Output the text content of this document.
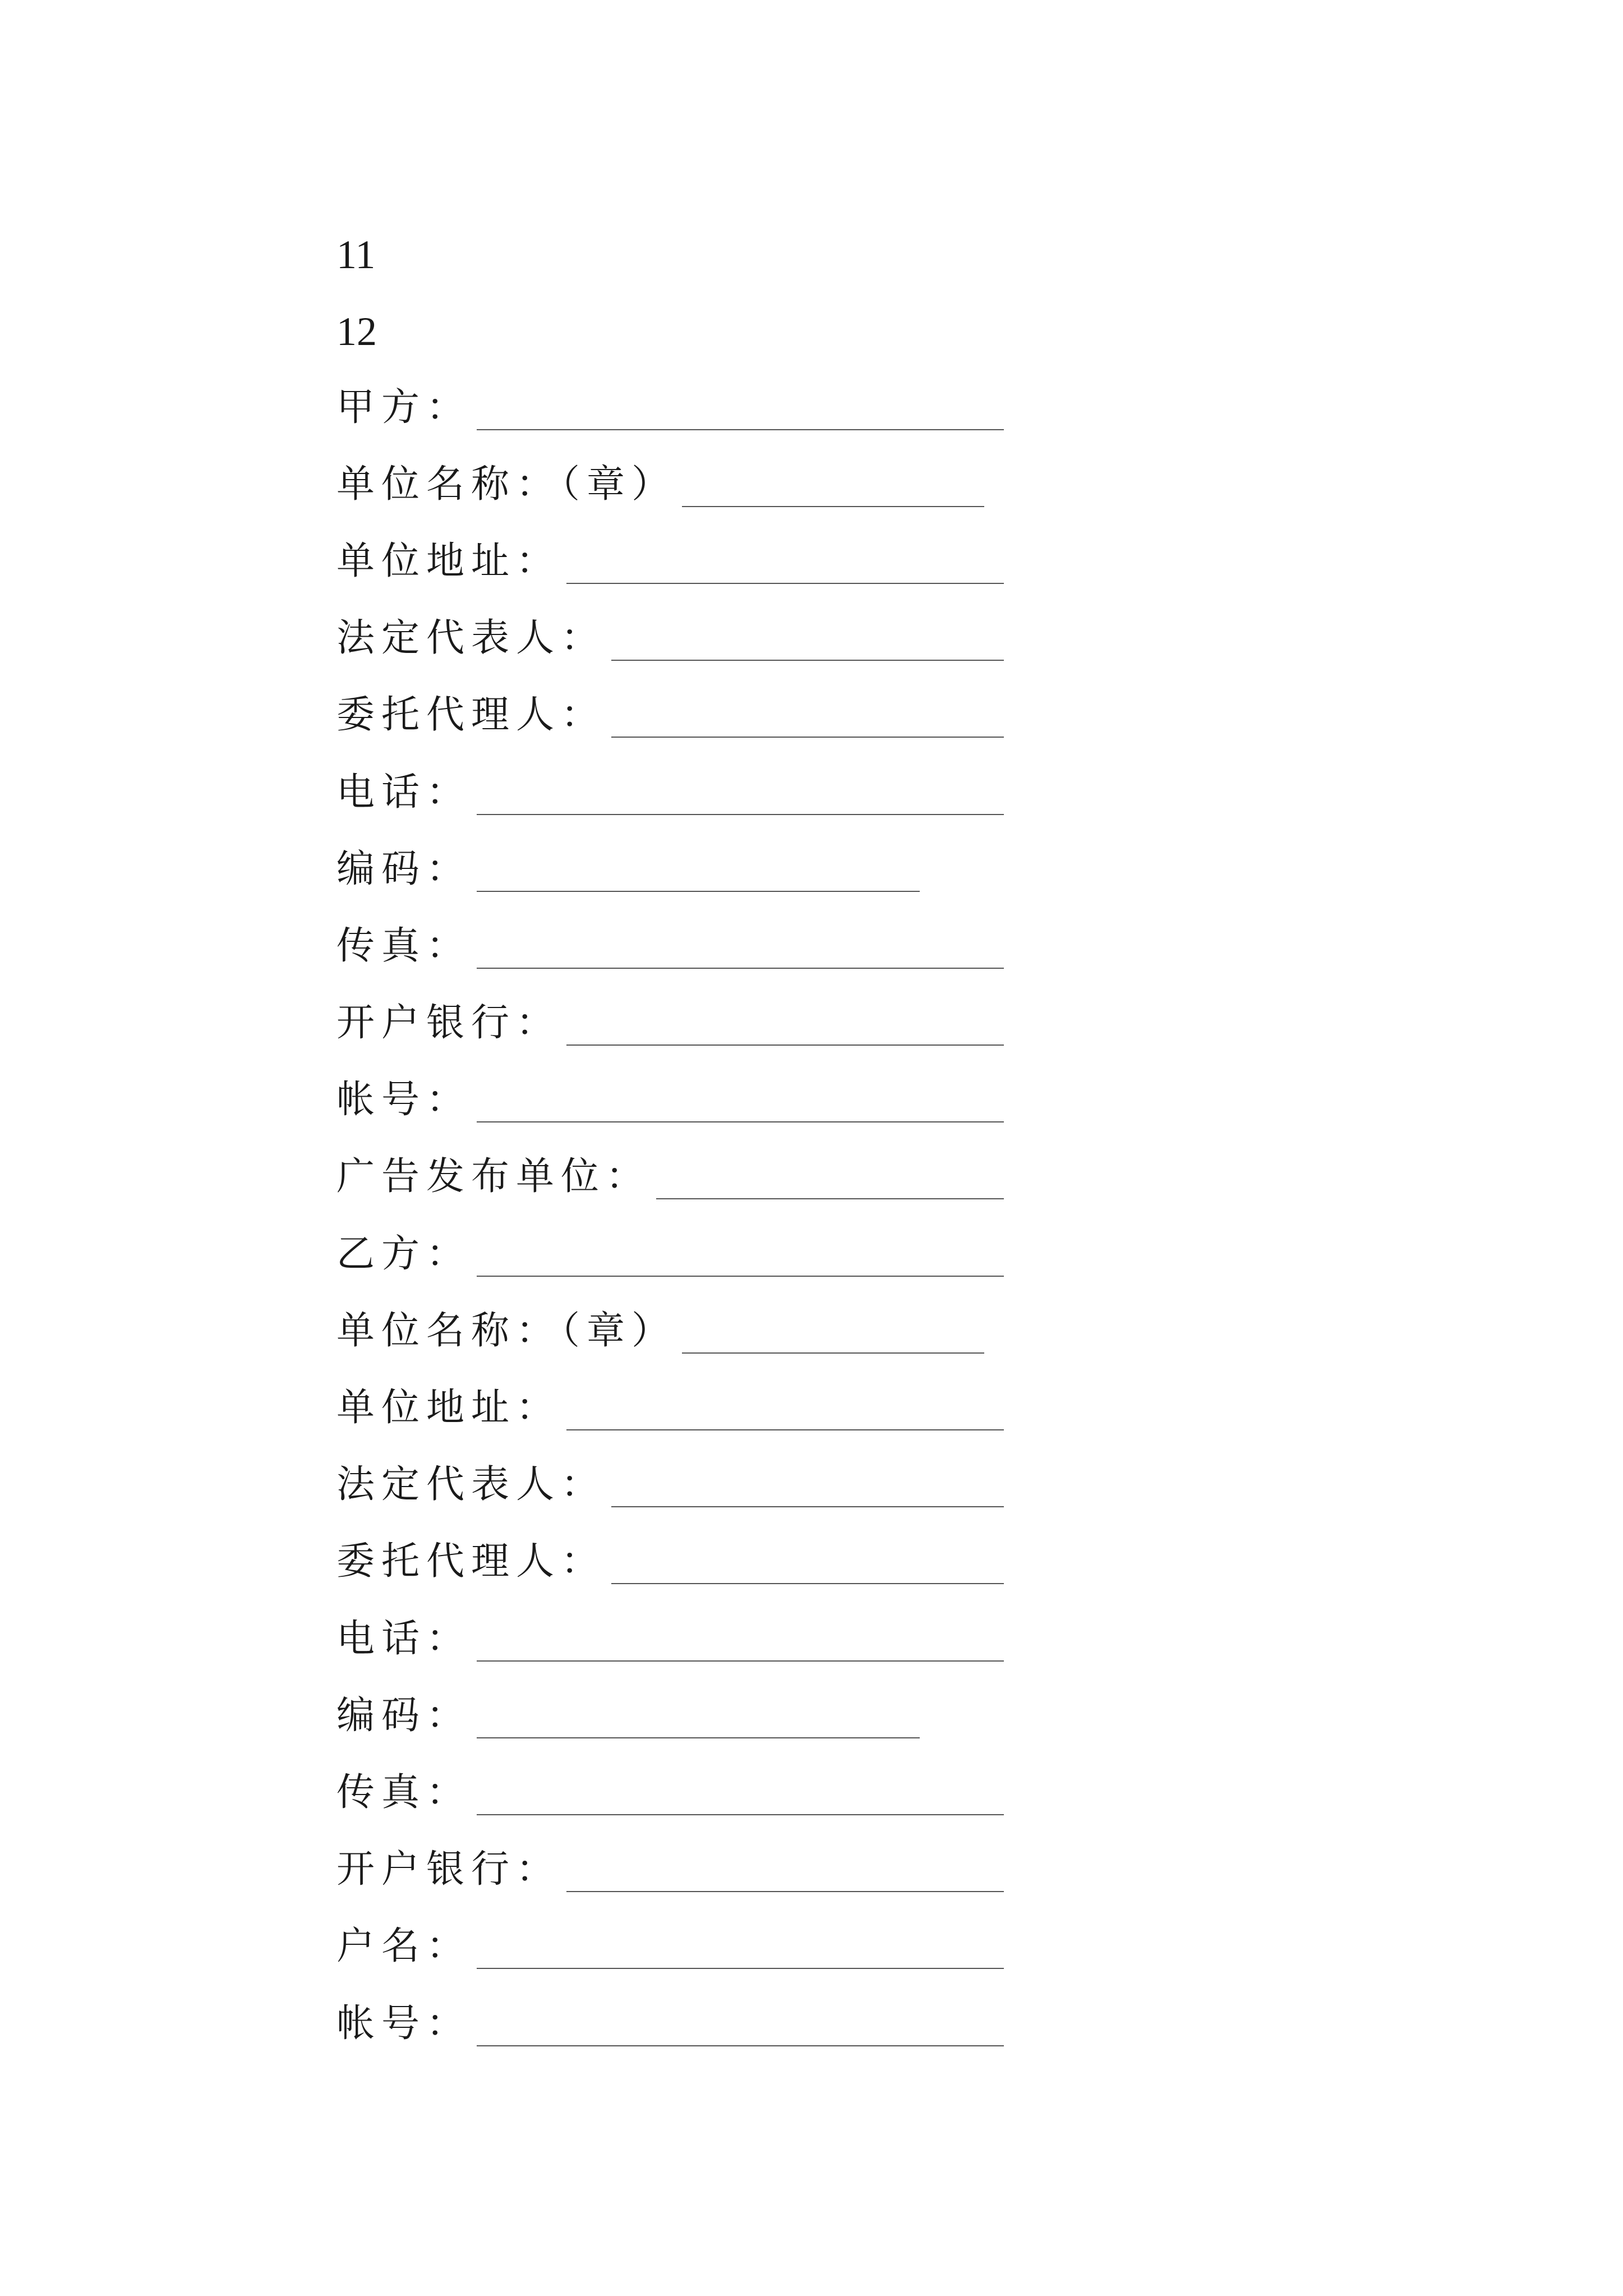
11
12
甲方：
单位名称：（章）
单位地址：
法定代表人：
委托代理人：
电话：
编码：
传真：
开户银行：
帐号：
广告发布单位：
乙方：
单位名称：（章）
单位地址：
法定代表人：
委托代理人：
电话：
编码：
传真：
开户银行：
户名：
帐号：
